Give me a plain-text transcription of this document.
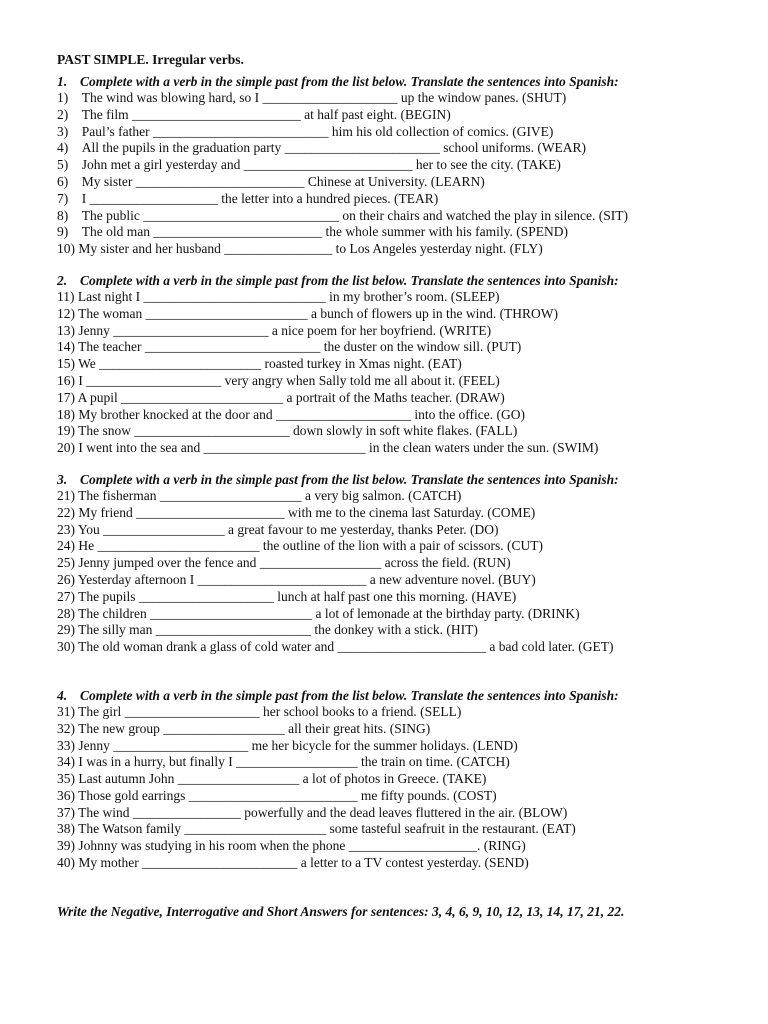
PAST SIMPLE. Irregular verbs.
1. Complete with a verb in the simple past from the list below. Translate the sentences into Spanish:
1) The wind was blowing hard, so I ____________________ up the window panes. (SHUT)
2) The film _________________________ at half past eight. (BEGIN)
3) Paul’s father __________________________ him his old collection of comics. (GIVE)
4) All the pupils in the graduation party _______________________ school uniforms. (WEAR)
5) John met a girl yesterday and _________________________ her to see the city. (TAKE)
6) My sister _________________________ Chinese at University. (LEARN)
7) I ___________________ the letter into a hundred pieces. (TEAR)
8) The public _____________________________ on their chairs and watched the play in silence. (SIT)
9) The old man _________________________ the whole summer with his family. (SPEND)
10) My sister and her husband ________________ to Los Angeles yesterday night. (FLY)
2. Complete with a verb in the simple past from the list below. Translate the sentences into Spanish:
11) Last night I ___________________________ in my brother’s room. (SLEEP)
12) The woman ________________________ a bunch of flowers up in the wind. (THROW)
13) Jenny _______________________ a nice poem for her boyfriend. (WRITE)
14) The teacher __________________________ the duster on the window sill. (PUT)
15) We ________________________ roasted turkey in Xmas night. (EAT)
16) I ____________________ very angry when Sally told me all about it. (FEEL)
17) A pupil ________________________ a portrait of the Maths teacher. (DRAW)
18) My brother knocked at the door and ____________________ into the office. (GO)
19) The snow _______________________ down slowly in soft white flakes. (FALL)
20) I went into the sea and ________________________ in the clean waters under the sun. (SWIM)
3. Complete with a verb in the simple past from the list below. Translate the sentences into Spanish:
21) The fisherman _____________________ a very big salmon. (CATCH)
22) My friend ______________________ with me to the cinema last Saturday. (COME)
23) You __________________ a great favour to me yesterday, thanks Peter. (DO)
24) He ________________________ the outline of the lion with a pair of scissors. (CUT)
25) Jenny jumped over the fence and __________________ across the field. (RUN)
26) Yesterday afternoon I _________________________ a new adventure novel. (BUY)
27) The pupils ____________________ lunch at half past one this morning. (HAVE)
28) The children ________________________ a lot of lemonade at the birthday party. (DRINK)
29) The silly man _______________________ the donkey with a stick. (HIT)
30) The old woman drank a glass of cold water and ______________________ a bad cold later. (GET)
4. Complete with a verb in the simple past from the list below. Translate the sentences into Spanish:
31) The girl ____________________ her school books to a friend. (SELL)
32) The new group __________________ all their great hits. (SING)
33) Jenny ____________________ me her bicycle for the summer holidays. (LEND)
34) I was in a hurry, but finally I __________________ the train on time. (CATCH)
35) Last autumn John __________________ a lot of photos in Greece. (TAKE)
36) Those gold earrings _________________________ me fifty pounds. (COST)
37) The wind ________________ powerfully and the dead leaves fluttered in the air. (BLOW)
38) The Watson family _____________________ some tasteful seafruit in the restaurant. (EAT)
39) Johnny was studying in his room when the phone ___________________. (RING)
40) My mother _______________________ a letter to a TV contest yesterday. (SEND)
Write the Negative, Interrogative and Short Answers for sentences: 3, 4, 6, 9, 10, 12, 13, 14, 17, 21, 22.
